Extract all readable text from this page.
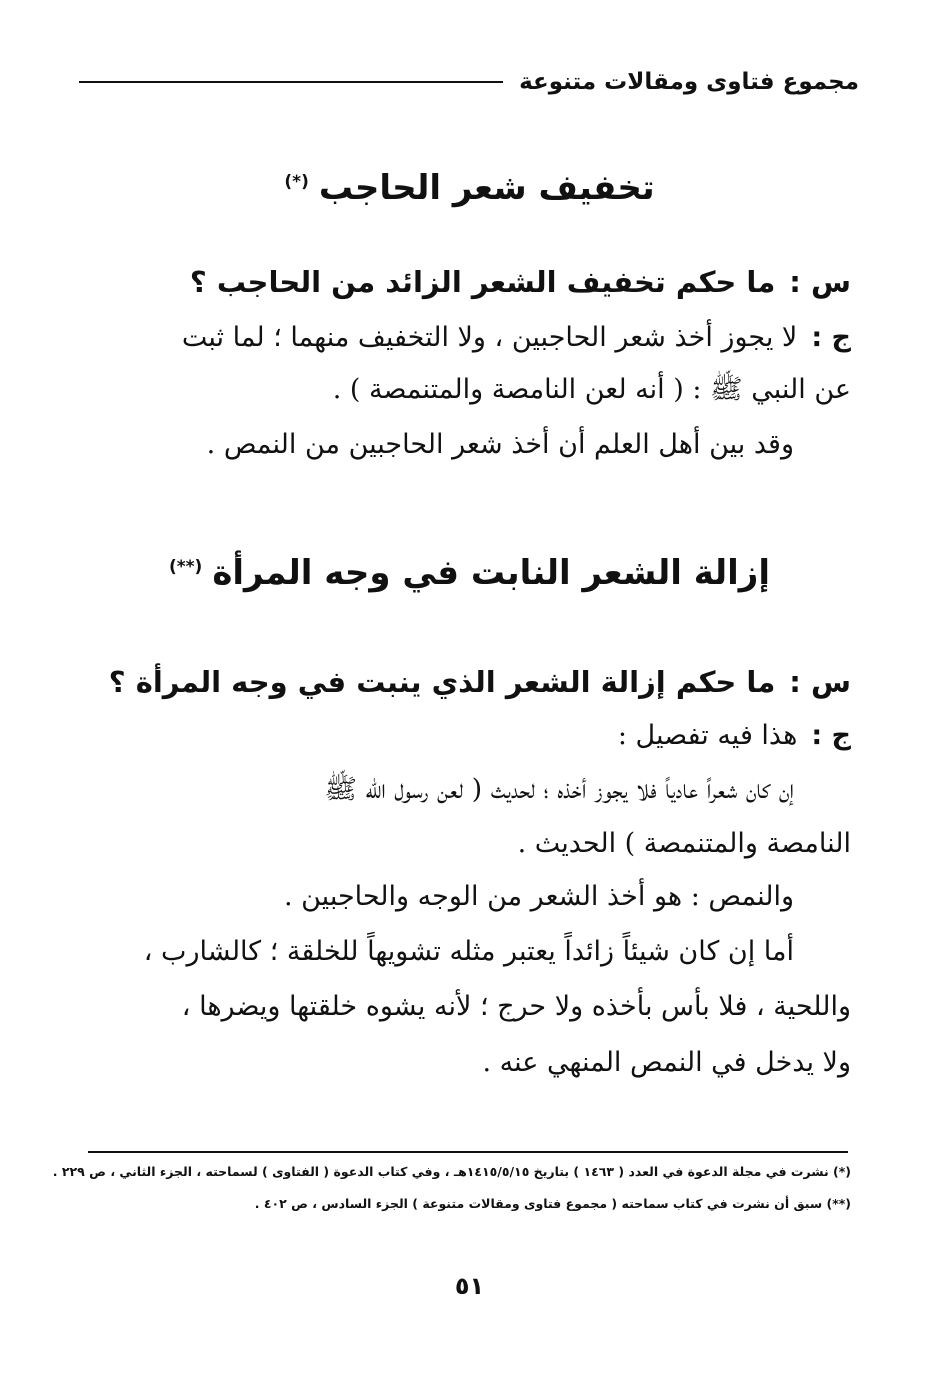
مجموع فتاوى ومقالات متنوعة
تخفيف شعر الحاجب(*)
س :ما حكم تخفيف الشعر الزائد من الحاجب ؟
ج :لا يجوز أخذ شعر الحاجبين ، ولا التخفيف منهما ؛ لما ثبت
عن النبي ﷺ : ( أنه لعن النامصة والمتنمصة ) .
وقد بين أهل العلم أن أخذ شعر الحاجبين من النمص .
إزالة الشعر النابت في وجه المرأة(**)
س :ما حكم إزالة الشعر الذي ينبت في وجه المرأة ؟
ج :هذا فيه تفصيل :
إن كان شعراً عادياً فلا يجوز أخذه ؛ لحديث ( لعن رسول الله ﷺ
النامصة والمتنمصة ) الحديث .
والنمص : هو أخذ الشعر من الوجه والحاجبين .
أما إن كان شيئاً زائداً يعتبر مثله تشويهاً للخلقة ؛ كالشارب ،
واللحية ، فلا بأس بأخذه ولا حرج ؛ لأنه يشوه خلقتها ويضرها ،
ولا يدخل في النمص المنهي عنه .
(*) نشرت في مجلة الدعوة في العدد ( ١٤٦٣ ) بتاريخ ١٤١٥/٥/١٥هـ ، وفي كتاب الدعوة ( الفتاوى ) لسماحته ، الجزء الثاني ، ص ٢٢٩ .
(**) سبق أن نشرت في كتاب سماحته ( مجموع فتاوى ومقالات متنوعة ) الجزء السادس ، ص ٤٠٢ .
٥١
